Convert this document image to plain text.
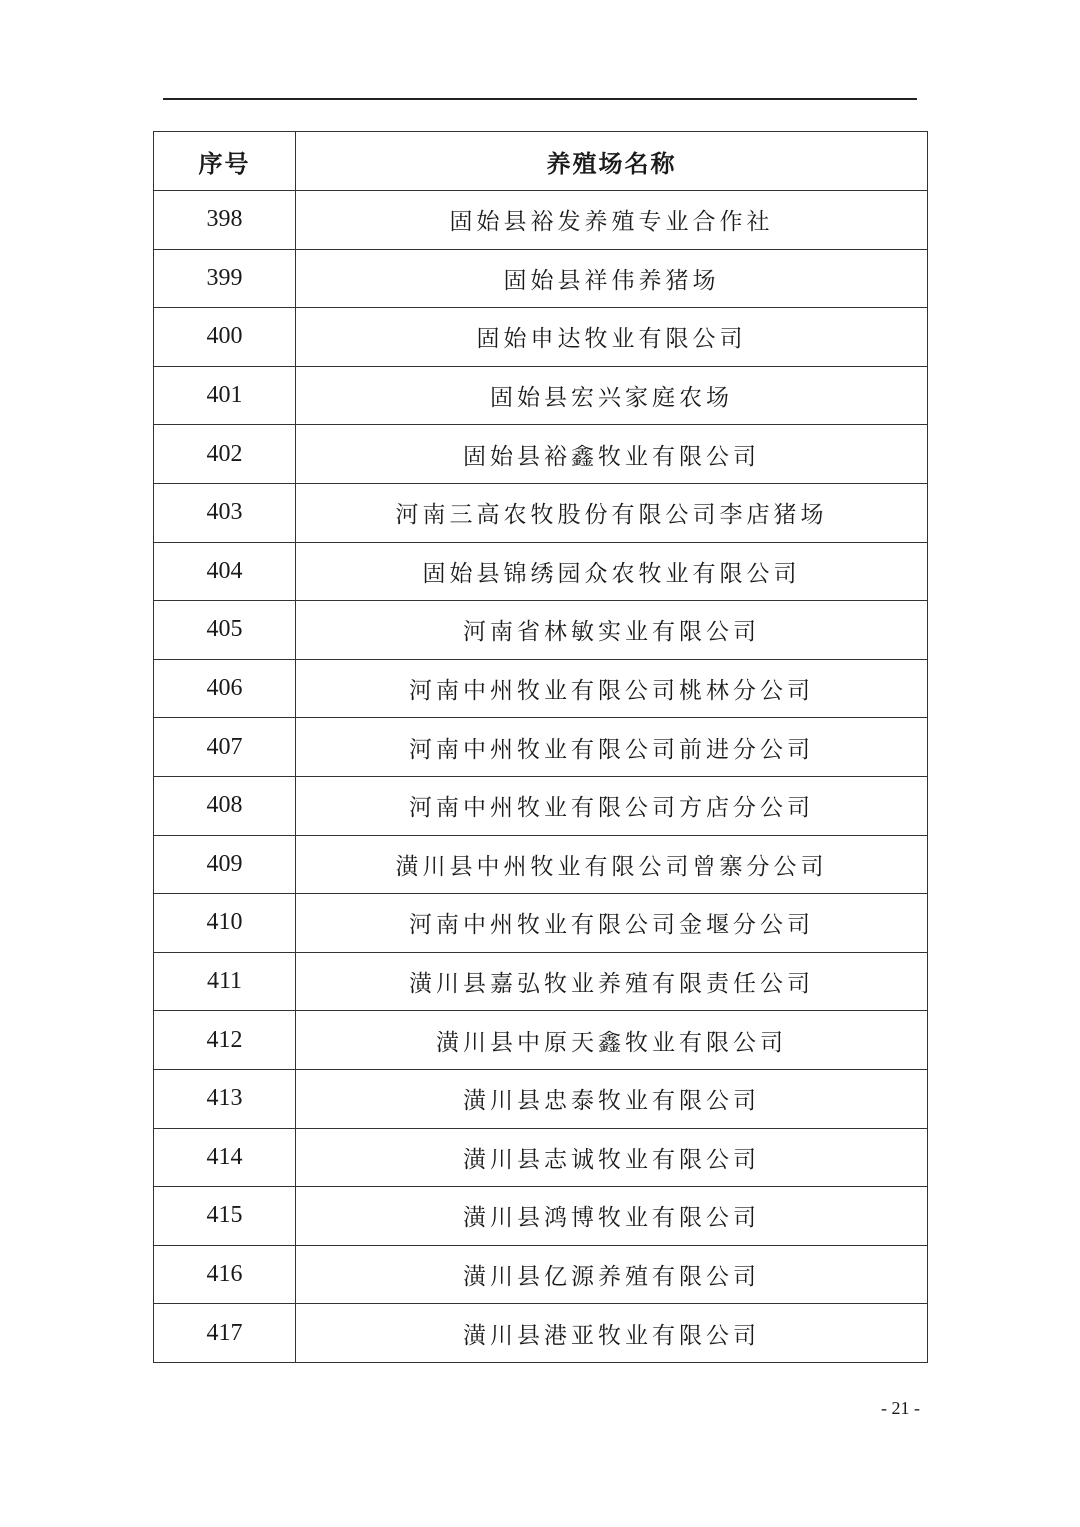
序号	养殖场名称
398	固始县裕发养殖专业合作社
399	固始县祥伟养猪场
400	固始申达牧业有限公司
401	固始县宏兴家庭农场
402	固始县裕鑫牧业有限公司
403	河南三高农牧股份有限公司李店猪场
404	固始县锦绣园众农牧业有限公司
405	河南省林敏实业有限公司
406	河南中州牧业有限公司桃林分公司
407	河南中州牧业有限公司前进分公司
408	河南中州牧业有限公司方店分公司
409	潢川县中州牧业有限公司曾寨分公司
410	河南中州牧业有限公司金堰分公司
411	潢川县嘉弘牧业养殖有限责任公司
412	潢川县中原天鑫牧业有限公司
413	潢川县忠泰牧业有限公司
414	潢川县志诚牧业有限公司
415	潢川县鸿博牧业有限公司
416	潢川县亿源养殖有限公司
417	潢川县港亚牧业有限公司
- 21 -
